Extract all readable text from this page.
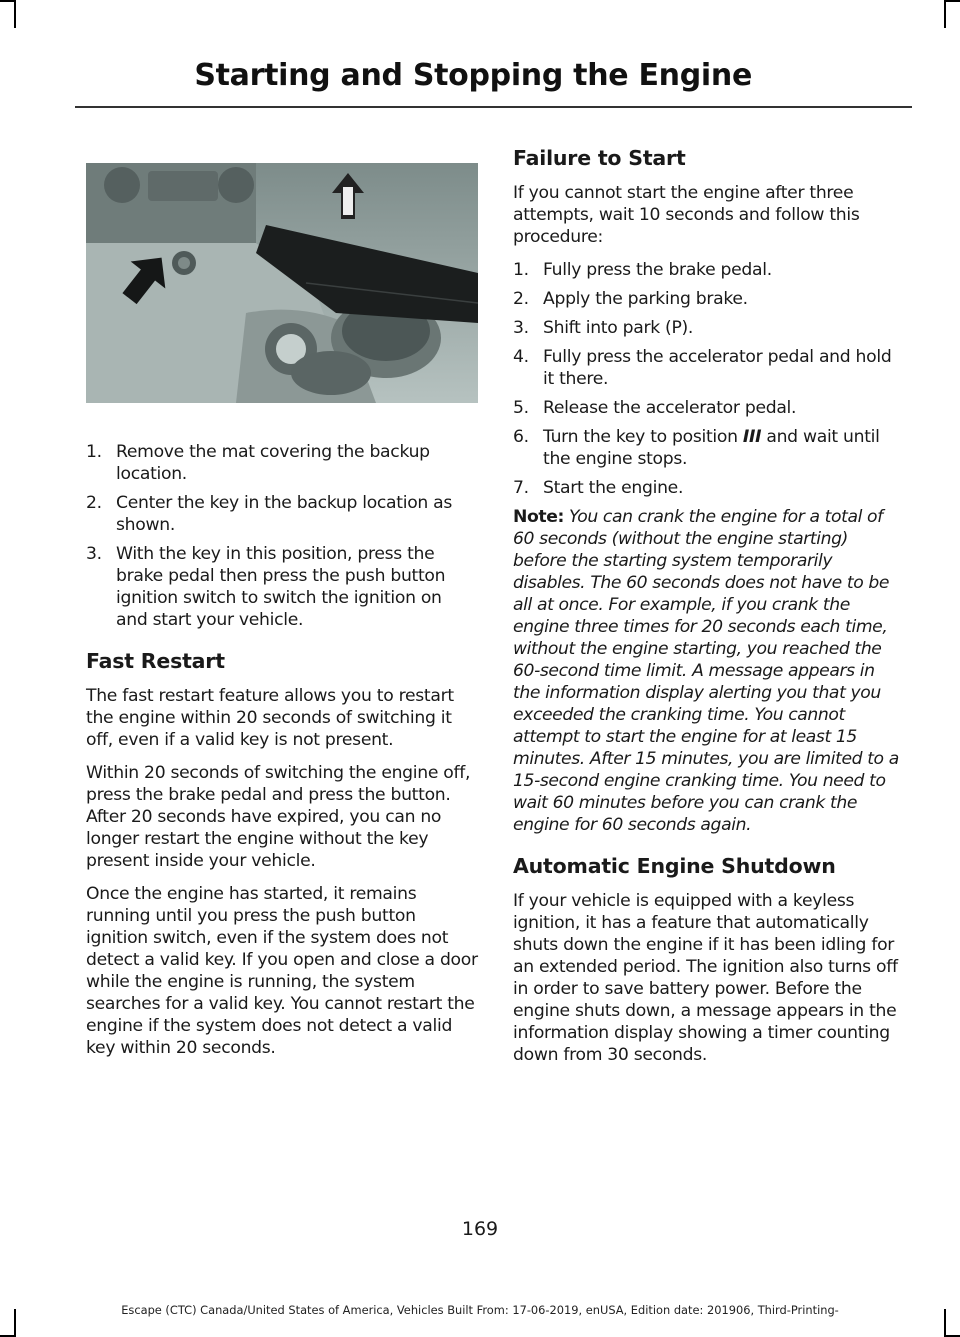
Starting and Stopping the Engine
1. Remove the mat covering the backup location.
2. Center the key in the backup location as shown.
3. With the key in this position, press the brake pedal then press the push button ignition switch to switch the ignition on and start your vehicle.
Fast Restart

The fast restart feature allows you to restart the engine within 20 seconds of switching it off, even if a valid key is not present.

Within 20 seconds of switching the engine off, press the brake pedal and press the button. After 20 seconds have expired, you can no longer restart the engine without the key present inside your vehicle.

Once the engine has started, it remains running until you press the push button ignition switch, even if the system does not detect a valid key. If you open and close a door while the engine is running, the system searches for a valid key. You cannot restart the engine if the system does not detect a valid key within 20 seconds.

Failure to Start

If you cannot start the engine after three attempts, wait 10 seconds and follow this procedure:

1. Fully press the brake pedal.
2. Apply the parking brake.
3. Shift into park (P).
4. Fully press the accelerator pedal and hold it there.
5. Release the accelerator pedal.
6. Turn the key to position III and wait until the engine stops.
7. Start the engine.

Note: You can crank the engine for a total of 60 seconds (without the engine starting) before the starting system temporarily disables. The 60 seconds does not have to be all at once. For example, if you crank the engine three times for 20 seconds each time, without the engine starting, you reached the 60-second time limit. A message appears in the information display alerting you that you exceeded the cranking time. You cannot attempt to start the engine for at least 15 minutes. After 15 minutes, you are limited to a 15-second engine cranking time. You need to wait 60 minutes before you can crank the engine for 60 seconds again.

Automatic Engine Shutdown

If your vehicle is equipped with a keyless ignition, it has a feature that automatically shuts down the engine if it has been idling for an extended period. The ignition also turns off in order to save battery power. Before the engine shuts down, a message appears in the information display showing a timer counting down from 30 seconds.

169
Escape (CTC) Canada/United States of America, Vehicles Built From: 17-06-2019, enUSA, Edition date: 201906, Third-Printing-
